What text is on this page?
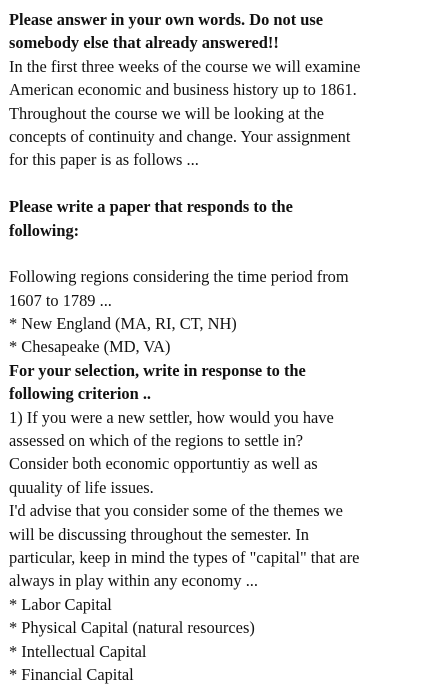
Please answer in your own words. Do not use
somebody else that already answered!!
In the first three weeks of the course we will examine
American economic and business history up to 1861.
Throughout the course we will be looking at the
concepts of continuity and change. Your assignment
for this paper is as follows ...
Please write a paper that responds to the
following:
Following regions considering the time period from
1607 to 1789 ...
* New England (MA, RI, CT, NH)
* Chesapeake (MD, VA)
For your selection, write in response to the
following criterion ..
1) If you were a new settler, how would you have
assessed on which of the regions to settle in?
Consider both economic opportuntiy as well as
quuality of life issues.
I'd advise that you consider some of the themes we
will be discussing throughout the semester. In
particular, keep in mind the types of "capital" that are
always in play within any economy ...
* Labor Capital
* Physical Capital (natural resources)
* Intellectual Capital
* Financial Capital
